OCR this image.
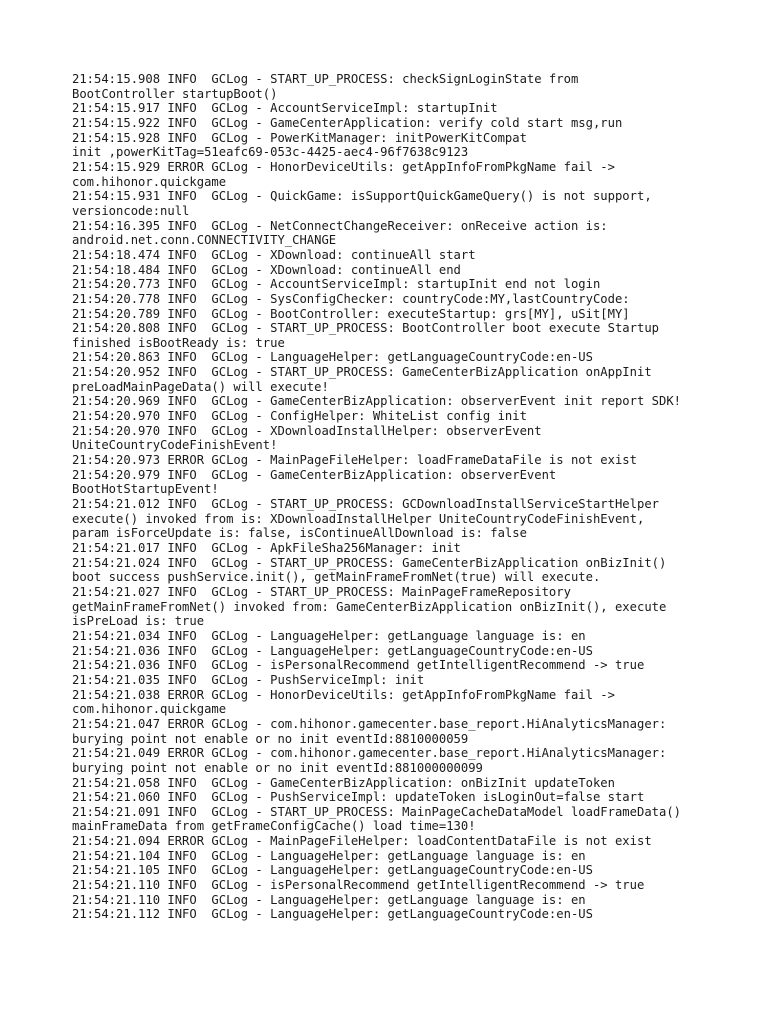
21:54:15.908 INFO  GCLog - START_UP_PROCESS: checkSignLoginState from
BootController startupBoot()
21:54:15.917 INFO  GCLog - AccountServiceImpl: startupInit
21:54:15.922 INFO  GCLog - GameCenterApplication: verify cold start msg,run
21:54:15.928 INFO  GCLog - PowerKitManager: initPowerKitCompat
init ,powerKitTag=51eafc69-053c-4425-aec4-96f7638c9123
21:54:15.929 ERROR GCLog - HonorDeviceUtils: getAppInfoFromPkgName fail ->
com.hihonor.quickgame
21:54:15.931 INFO  GCLog - QuickGame: isSupportQuickGameQuery() is not support,
versioncode:null
21:54:16.395 INFO  GCLog - NetConnectChangeReceiver: onReceive action is:
android.net.conn.CONNECTIVITY_CHANGE
21:54:18.474 INFO  GCLog - XDownload: continueAll start
21:54:18.484 INFO  GCLog - XDownload: continueAll end
21:54:20.773 INFO  GCLog - AccountServiceImpl: startupInit end not login
21:54:20.778 INFO  GCLog - SysConfigChecker: countryCode:MY,lastCountryCode:
21:54:20.789 INFO  GCLog - BootController: executeStartup: grs[MY], uSit[MY]
21:54:20.808 INFO  GCLog - START_UP_PROCESS: BootController boot execute Startup
finished isBootReady is: true
21:54:20.863 INFO  GCLog - LanguageHelper: getLanguageCountryCode:en-US
21:54:20.952 INFO  GCLog - START_UP_PROCESS: GameCenterBizApplication onAppInit
preLoadMainPageData() will execute!
21:54:20.969 INFO  GCLog - GameCenterBizApplication: observerEvent init report SDK!
21:54:20.970 INFO  GCLog - ConfigHelper: WhiteList config init
21:54:20.970 INFO  GCLog - XDownloadInstallHelper: observerEvent
UniteCountryCodeFinishEvent!
21:54:20.973 ERROR GCLog - MainPageFileHelper: loadFrameDataFile is not exist
21:54:20.979 INFO  GCLog - GameCenterBizApplication: observerEvent
BootHotStartupEvent!
21:54:21.012 INFO  GCLog - START_UP_PROCESS: GCDownloadInstallServiceStartHelper
execute() invoked from is: XDownloadInstallHelper UniteCountryCodeFinishEvent,
param isForceUpdate is: false, isContinueAllDownload is: false
21:54:21.017 INFO  GCLog - ApkFileSha256Manager: init
21:54:21.024 INFO  GCLog - START_UP_PROCESS: GameCenterBizApplication onBizInit()
boot success pushService.init(), getMainFrameFromNet(true) will execute.
21:54:21.027 INFO  GCLog - START_UP_PROCESS: MainPageFrameRepository
getMainFrameFromNet() invoked from: GameCenterBizApplication onBizInit(), execute
isPreLoad is: true
21:54:21.034 INFO  GCLog - LanguageHelper: getLanguage language is: en
21:54:21.036 INFO  GCLog - LanguageHelper: getLanguageCountryCode:en-US
21:54:21.036 INFO  GCLog - isPersonalRecommend getIntelligentRecommend -> true
21:54:21.035 INFO  GCLog - PushServiceImpl: init
21:54:21.038 ERROR GCLog - HonorDeviceUtils: getAppInfoFromPkgName fail ->
com.hihonor.quickgame
21:54:21.047 ERROR GCLog - com.hihonor.gamecenter.base_report.HiAnalyticsManager:
burying point not enable or no init eventId:8810000059
21:54:21.049 ERROR GCLog - com.hihonor.gamecenter.base_report.HiAnalyticsManager:
burying point not enable or no init eventId:881000000099
21:54:21.058 INFO  GCLog - GameCenterBizApplication: onBizInit updateToken
21:54:21.060 INFO  GCLog - PushServiceImpl: updateToken isLoginOut=false start
21:54:21.091 INFO  GCLog - START_UP_PROCESS: MainPageCacheDataModel loadFrameData()
mainFrameData from getFrameConfigCache() load time=130!
21:54:21.094 ERROR GCLog - MainPageFileHelper: loadContentDataFile is not exist
21:54:21.104 INFO  GCLog - LanguageHelper: getLanguage language is: en
21:54:21.105 INFO  GCLog - LanguageHelper: getLanguageCountryCode:en-US
21:54:21.110 INFO  GCLog - isPersonalRecommend getIntelligentRecommend -> true
21:54:21.110 INFO  GCLog - LanguageHelper: getLanguage language is: en
21:54:21.112 INFO  GCLog - LanguageHelper: getLanguageCountryCode:en-US
